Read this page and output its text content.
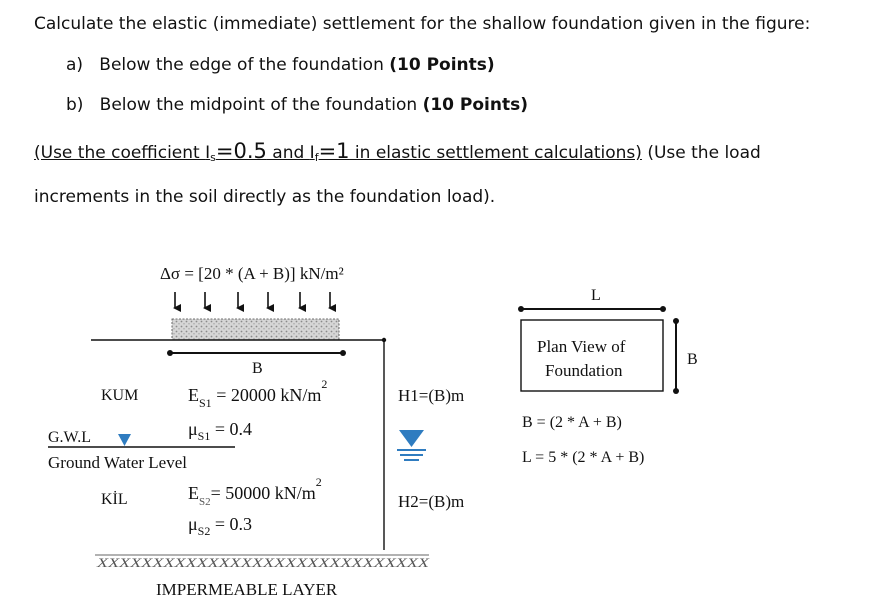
Calculate the elastic (immediate) settlement for the shallow foundation given in the figure:
a) Below the edge of the foundation (10 Points)
b) Below the midpoint of the foundation (10 Points)
(Use the coefficient $I_s=0.5$ and $I_f=1$ in elastic settlement calculations) (Use the load
increments in the soil directly as the foundation load).
Δσ = [20 * (A + B)] kN/m²
B
KUM	$E_{S1} = 20000$ $kN/m^2$
H1=(B)m
$\mu_{S1} = 0.4$
G.W.L
Ground Water Level
KİL	$E_{S2}= 50000$ $kN/m^2$
H2=(B)m
$\mu_{S2} = 0.3$
XXXXXXXXXXXXXXXXXXXXXXXXXXXXXX
IMPERMEABLE LAYER
L
Plan View of
Foundation
B
B = (2 * A + B)
L = 5 * (2 * A + B)
